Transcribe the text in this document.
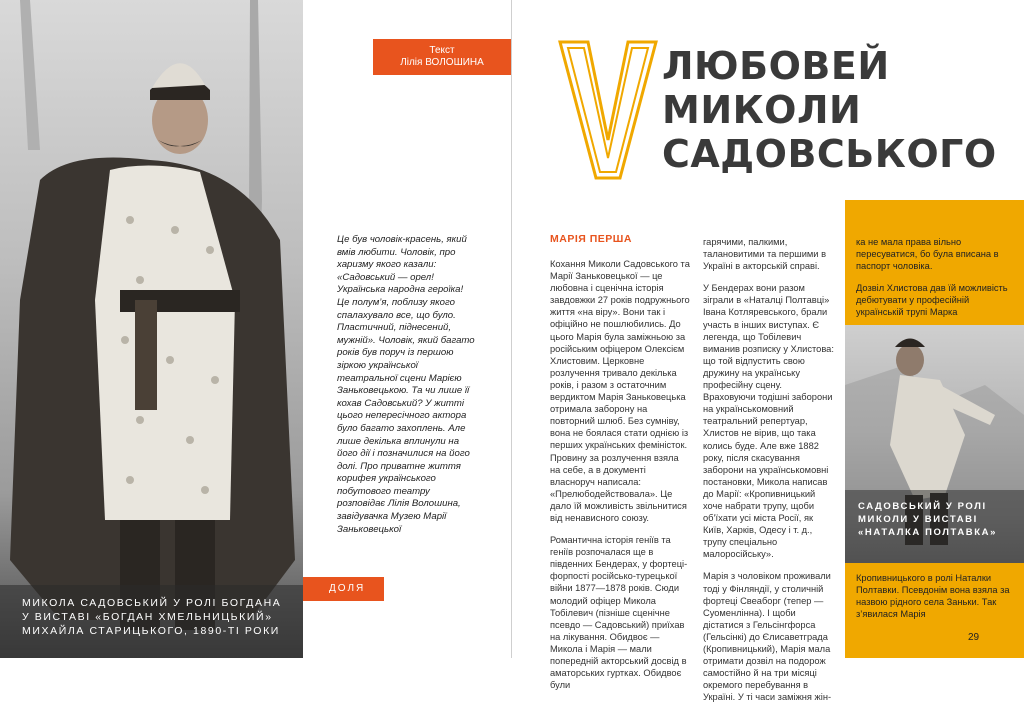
МИКОЛА САДОВСЬКИЙ У РОЛІ БОГДАНА У ВИСТАВІ «БОГДАН ХМЕЛЬНИЦЬКИЙ» МИХАЙЛА СТАРИЦЬКОГО, 1890-ТІ РОКИ
Текст
Лілія ВОЛОШИНА
Це був чоловік-красень, який вмів любити. Чоловік, про харизму якого казали: «Садовський — орел! Українська народна героїка! Це полум’я, поблизу якого спалахувало все, що було. Пластичний, піднесений, мужній». Чоловік, який багато років був поруч із першою зіркою української театральної сцени Марією Заньковецькою. Та чи лише її кохав Садовський? У житті цього непересічного актора було багато захоплень. Але лише декілька вплинули на його дії і позначилися на його долі. Про приватне життя корифея українського побутового театру розповідає Лілія Волошина, завідувачка Музею Марії Заньковецької
ДОЛЯ
ЛЮБОВЕЙ
МИКОЛИ
САДОВСЬКОГО
МАРІЯ ПЕРША

Кохання Миколи Садовського та Марії Заньковецької — це любовна і сценічна історія завдовжки 27 років подружнього життя «на віру». Вони так і офіційно не пошлюбились. До цього Марія була заміжньою за російським офіцером Олексієм Хлистовим. Церковне розлучення тривало декілька років, і разом з остаточним вердиктом Марія Заньковецька отримала заборону на повторний шлюб. Без сумніву, вона не боялася стати однією із перших українських феміністок. Провину за розлучення взяла на себе, а в документі власноруч написала: «Прелюбодействовала». Це дало їй можливість звільнитися від ненависного союзу.

Романтична історія геніїв та геніїв розпочалася ще в південних Бендерах, у фортеці-форпості російсько-турецької війни 1877—1878 років. Сюди молодий офіцер Микола Тобілевич (пізніше сценічне псевдо — Садовський) приїхав на лікування. Обидвоє — Микола і Марія — мали попередній акторський досвід в аматорських гуртках. Обидвоє були

гарячими, палкими, талановитими та першими в Україні в акторській справі.

У Бендерах вони разом зіграли в «Наталці Полтавці» Івана Котляревського, брали участь в інших виступах. Є легенда, що Тобілевич виманив розписку у Хлистова: що той відпустить свою дружину на українську професійну сцену. Враховуючи тодішні заборони на українськомовний театральний репертуар, Хлистов не вірив, що така колись буде. Але вже 1882 року, після скасування заборони на українськомовні постановки, Микола написав до Марії: «Кропивницький хоче набрати трупу, щоби об’їхати усі міста Росії, як Київ, Харків, Одесу і т. д., трупу спеціально малоросійську».

Марія з чоловіком проживали тоді у Фінляндії, у столичній фортеці Свеаборг (тепер — Суоменлінна). І щоби дістатися з Гельсінгфорса (Гельсінкі) до Єлисаветграда (Кропивницький), Марія мала отримати дозвіл на подорож самостійно й на три місяці окремого перебування в Україні. У ті часи заміжня жін-

ка не мала права вільно пересуватися, бо була вписана в паспорт чоловіка.

Дозвіл Хлистова дав їй можливість дебютувати у професійній українській трупі Марка

САДОВСЬКИЙ У РОЛІ МИКОЛИ У ВИСТАВІ «НАТАЛКА ПОЛТАВКА»
Кропивницького в ролі Наталки Полтавки. Псевдонім вона взяла за назвою рідного села Заньки. Так з’явилася Марія
29
